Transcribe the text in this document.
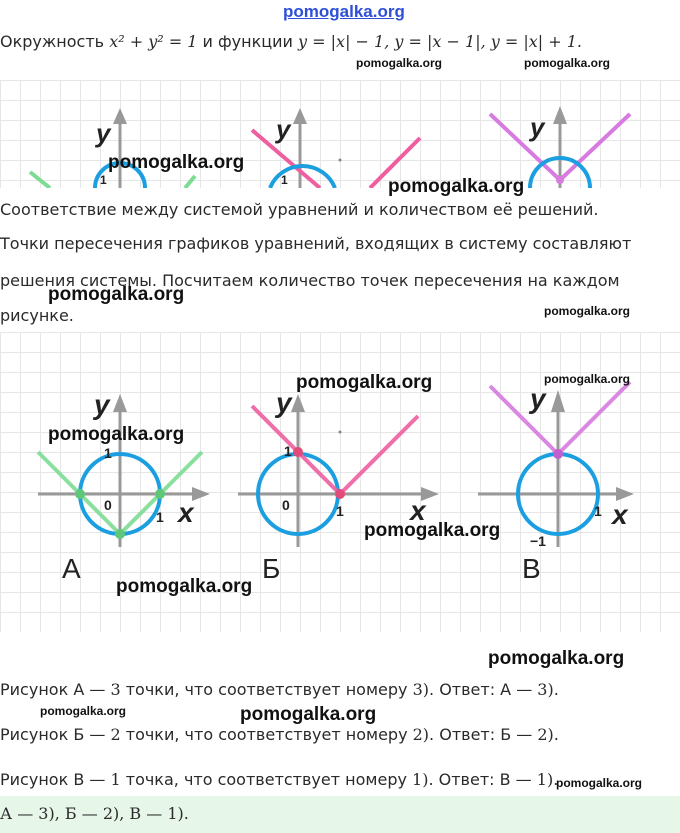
pomogalka.org
Окружность x² + y² = 1 и функции y = |x| − 1, y = |x − 1|, y = |x| + 1.
pomogalka.org	pomogalka.org
y
1
y
1
y
pomogalka.org
pomogalka.org
Соответствие между системой уравнений и количеством её решений.
Точки пересечения графиков уравнений, входящих в систему составляют
решения системы. Посчитаем количество точек пересечения на каждом
рисунке.
pomogalka.org
pomogalka.org
y
x
0
1
1
А
y
x
0	1
1
Б
y
x
1
−1
В
pomogalka.org	pomogalka.org
pomogalka.org
pomogalka.org
pomogalka.org
pomogalka.org
Рисунок А — 3 точки, что соответствует номеру 3). Ответ: А — 3).
pomogalka.org	pomogalka.org
Рисунок Б — 2 точки, что соответствует номеру 2). Ответ: Б — 2).
Рисунок В — 1 точка, что соответствует номеру 1). Ответ: В — 1).
pomogalka.org
А — 3), Б — 2), В — 1).
